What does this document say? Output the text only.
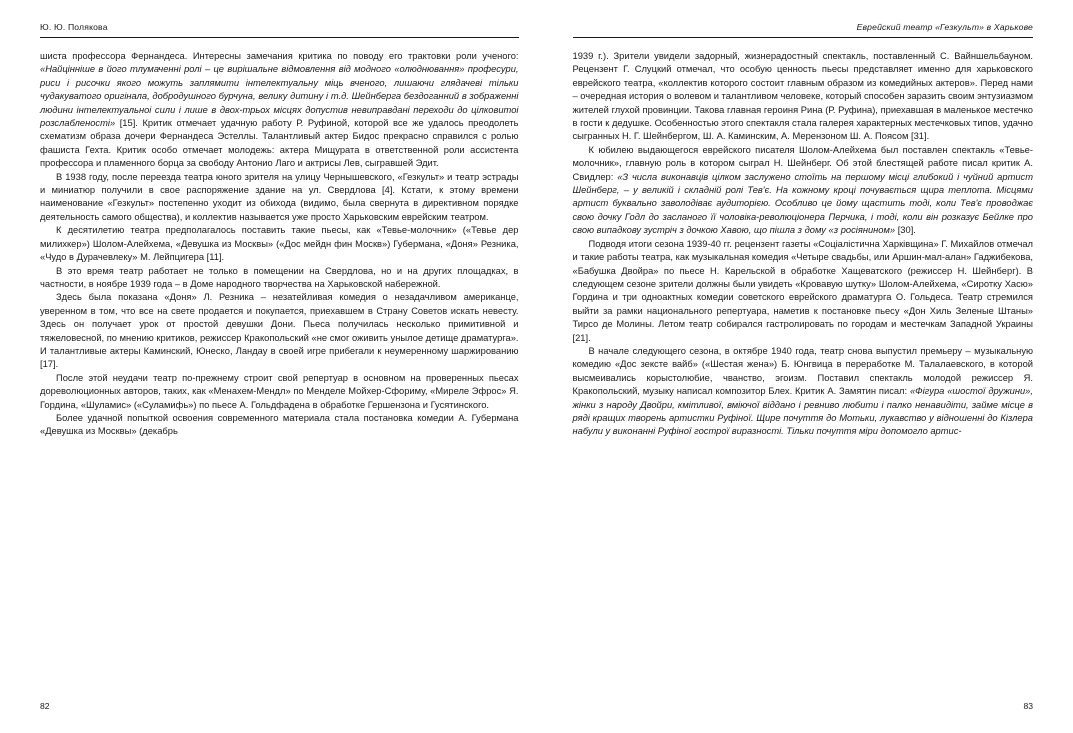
Ю. Ю. Полякова

шиста профессора Фернандеса. Интересны замечания критика по поводу его трактовки роли ученого: «Найцiннiше в його тлумаченнi ролi – це вирiшальне вiдмовлення вiд модного «олюднювання» професури, риси i рисочки якого можуть заплямити iнтелектуальну мiць вченого, лишаючи глядачевi тiльки чудакуватого оригiнала, добродушного бурчуна, велику дитину i т.д. Шейнберга бездоганний в зображеннi людини iнтелектуальноi сили i лише в двох-трьох мiсцях допустив невиправданi переходи до цiлковитоi розслабленостi» [15]. Критик отмечает удачную работу Р. Руфиной, которой все же удалось преодолеть схематизм образа дочери Фернандеса Эстеллы. Талантливый актер Бидос прекрасно справился с ролью фашиста Гехта. Критик особо отмечает молодежь: актера Мищурата в ответственной роли ассистента профессора и пламенного борца за свободу Антонио Лаго и актрисы Лев, сыгравшей Эдит.

В 1938 году, после переезда театра юного зрителя на улицу Чернышевского, «Гезкульт» и театр эстрады и миниатюр получили в свое распоряжение здание на ул. Свердлова [4]. Кстати, к этому времени наименование «Гезкульт» постепенно уходит из обихода (видимо, была свернута в директивном порядке деятельность самого общества), и коллектив называется уже просто Харьковским еврейским театром.

К десятилетию театра предполагалось поставить такие пьесы, как «Тевье-молочник» («Тевье дер милихкер») Шолом-Алейхема, «Девушка из Москвы» («Дос мейдн фин Москв») Губермана, «Доня» Резника, «Чудо в Дурачевлеку» М. Лейпцигера [11].

В это время театр работает не только в помещении на Свердлова, но и на других площадках, в частности, в ноябре 1939 года – в Доме народного творчества на Харьковской набережной.

Здесь была показана «Доня» Л. Резника – незатейливая комедия о незадачливом американце, уверенном в том, что все на свете продается и покупается, приехавшем в Страну Советов искать невесту. Здесь он получает урок от простой девушки Дони. Пьеса получилась несколько примитивной и тяжеловесной, по мнению критиков, режиссер Кракопольский «не смог оживить унылое детище драматурга». И талантливые актеры Каминский, Юнеско, Ландау в своей игре прибегали к неумеренному шаржированию [17].

После этой неудачи театр по-прежнему строит свой репертуар в основном на проверенных пьесах дореволюционных авторов, таких, как «Менахем-Мендл» по Менделе Мойхер-Сфориму, «Миреле Эфрос» Я. Гордина, «Шуламис» («Суламифь») по пьесе А. Гольдфадена в обработке Гершензона и Гусятинского.

Более удачной попыткой освоения современного материала стала постановка комедии А. Губермана «Девушка из Москвы» (декабрь

82
Еврейский театр «Гезкульт» в Харькове

1939 г.). Зрители увидели задорный, жизнерадостный спектакль, поставленный С. Вайншельбауном. Рецензент Г. Слуцкий отмечал, что особую ценность пьесы представляет именно для харьковского еврейского театра, «коллектив которого состоит главным образом из комедийных актеров». Перед нами – очередная история о волевом и талантливом человеке, который способен заразить своим энтузиазмом жителей глухой провинции. Такова главная героиня Рина (Р. Руфина), приехавшая в маленькое местечко в гости к дедушке. Особенностью этого спектакля стала галерея характерных местечковых типов, удачно сыгранных Н. Г. Шейнбергом, Ш. А. Каминским, А. Мерензоном Ш. А. Поясом [31].

К юбилею выдающегося еврейского писателя Шолом-Алейхема был поставлен спектакль «Тевье-молочник», главную роль в котором сыграл Н. Шейнберг. Об этой блестящей работе писал критик А. Свидлер: «З числа виконавцiв цiлком заслужено стоïть на першому мiсцi глибокий i чуйний артист Шейнберг, – у великiй i складнiй ролi Тев'є. На кожному кроцi почувається щира теплота. Мiсцями артист буквально заволодiває аудиторiєю. Особливо це йому щастить тодi, коли Тев'є проводжає свою дочку Годл до засланого ïï чоловiка-революцiонера Перчика, i тодi, коли вiн розказує Бейлке про свою випадкову зустрiч з дочкою Хавою, що пiшла з дому «з росiянином» [30].

Подводя итоги сезона 1939-40 гг. рецензент газеты «Соцiалiстична Харкiвщина» Г. Михайлов отмечал и такие работы театра, как музыкальная комедия «Четыре свадьбы, или Аршин-мал-алан» Гаджибекова, «Бабушка Двойра» по пьесе Н. Карельской в обработке Хащеватского (режиссер Н. Шейнберг). В следующем сезоне зрители должны были увидеть «Кровавую шутку» Шолом-Алейхема, «Сиротку Хасю» Гордина и три одноактных комедии советского еврейского драматурга О. Гольдеса. Театр стремился выйти за рамки национального репертуара, наметив к постановке пьесу «Дон Хиль Зеленые Штаны» Тирсо де Молины. Летом театр собирался гастролировать по городам и местечкам Западной Украины [21].

В начале следующего сезона, в октябре 1940 года, театр снова выпустил премьеру – музыкальную комедию «Дос зексте вайб» («Шестая жена») Б. Юнгвица в переработке М. Талалаевского, в которой высмеивались корыстолюбие, чванство, эгоизм. Поставил спектакль молодой режиссер Я. Кракопольский, музыку написал композитор Блех. Критик А. Замятин писал: «Фiгура «шостоï дружини», жiнки з народу Двойри, кмiтливоï, вмiючоï вiддано i ревниво любити i палко ненавидiти, займе мiсце в рядi кращих творень артистки Руфiноï. Щире почуття до Мотьки, лукавство у вiдношеннi до Кiзлера набули у виконаннi Руфiноï гостроï виразностi. Тiльки почуття мiри допомогло артис-

83
